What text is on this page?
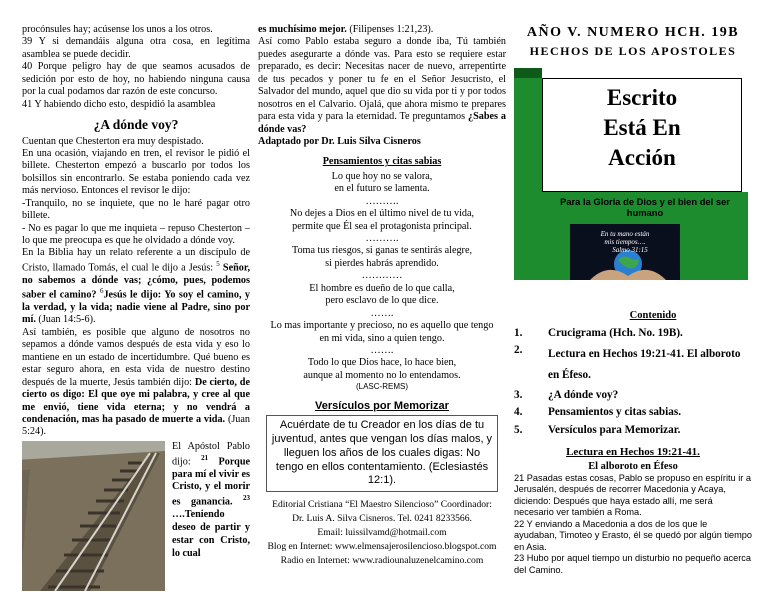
procónsules hay; acúsense los unos a los otros.

39 Y si demandáis alguna otra cosa, en legítima asamblea se puede decidir.

40 Porque peligro hay de que seamos acusados de sedición por esto de hoy, no habiendo ninguna causa por la cual podamos dar razón de este concurso.

41 Y habiendo dicho esto, despidió la asamblea

¿A dónde voy?

Cuentan que Chesterton era muy despistado.

En una ocasión, viajando en tren, el revisor le pidió el billete. Chesterton empezó a buscarlo por todos los bolsillos sin encontrarlo. Se estaba poniendo cada vez más nervioso. Entonces el revisor le dijo:

-Tranquilo, no se inquiete, que no le haré pagar otro billete.

- No es pagar lo que me inquieta – repuso Chesterton – lo que me preocupa es que he olvidado a dónde voy.

En la Biblia hay un relato referente a un discípulo de Cristo, llamado Tomás, el cual le dijo a Jesús: $^5$ Señor, no sabemos a dónde vas; ¿cómo, pues, podemos saber el camino? $^6$Jesús le dijo: Yo soy el camino, y la verdad, y la vida; nadie viene al Padre, sino por mí. (Juan 14:5-6).

Así también, es posible que alguno de nosotros no sepamos a dónde vamos después de esta vida y eso lo mantiene en un estado de incertidumbre. Qué bueno es estar seguro ahora, en esta vida de nuestro destino después de la muerte, Jesús también dijo: De cierto, de cierto os digo: El que oye mi palabra, y cree al que me envió, tiene vida eterna; y no vendrá a condenación, mas ha pasado de muerte a vida. (Juan 5:24).

El Apóstol Pablo dijo: $^{21}$ Porque para mí el vivir es Cristo, y el morir es ganancia. $^{23}$ ….Teniendo deseo de partir y estar con Cristo, lo cual

es muchísimo mejor. (Filipenses 1:21,23).

Así como Pablo estaba seguro a donde iba, Tú también puedes asegurarte a dónde vas. Para esto se requiere estar preparado, es decir: Necesitas nacer de nuevo, arrepentirte de tus pecados y poner tu fe en el Señor Jesucristo, el Salvador del mundo, aquel que dio su vida por ti y por todos nosotros en el Calvario. Ojalá, que ahora mismo te prepares para esta vida y para la eternidad. Te preguntamos ¿Sabes a dónde vas?

Adaptado por Dr. Luis Silva Cisneros

Pensamientos y citas sabias

Lo que hoy no se valora,

en el futuro se lamenta.

……….

No dejes a Dios en el último nivel de tu vida,

permite que Él sea el protagonista principal.

……….

Toma tus riesgos, si ganas te sentirás alegre,

si pierdes habrás aprendido.

…………

El hombre es dueño de lo que calla,

pero esclavo de lo que dice.

…….

Lo mas importante y precioso, no es aquello que tengo

en mi vida, sino a quien tengo.

…….

Todo lo que Dios hace, lo hace bien,

aunque al momento no lo entendamos.

(LASC-REMS)

Versículos por Memorizar

Acuérdate de tu Creador en los días de tu juventud, antes que vengan los días malos, y lleguen los años de los cuales digas: No tengo en ellos contentamiento. (Eclesiastés 12:1).
Editorial Cristiana “El Maestro Silencioso” Coordinador:
Dr. Luis A. Silva Cisneros. Tel. 0241 8233566.
Email: luissilvamd@hotmail.com
Blog en Internet: www.elmensajerosilencioso.blogspot.com
Radio en Internet: www.radiounaluzenelcamino.com
AÑO V. NUMERO HCH. 19B
HECHOS DE LOS APOSTOLES
Escrito
Está En
Acción
Para la Gloria de Dios y el bien del ser humano
En tu mano están
mis tiempos….
Salmo 31:15
Contenido
1.	Crucigrama (Hch. No. 19B).
2.	Lectura en Hechos 19:21-41. El alboroto en Éfeso.
3.	¿A dónde voy?
4.	Pensamientos y citas sabias.
5.	Versículos para Memorizar.
Lectura en Hechos 19:21-41.
El alboroto en Éfeso
21 Pasadas estas cosas, Pablo se propuso en espíritu ir a Jerusalén, después de recorrer Macedonia y Acaya, diciendo: Después que haya estado allí, me será necesario ver también a Roma.
22 Y enviando a Macedonia a dos de los que le ayudaban, Timoteo y Erasto, él se quedó por algún tiempo en Asia.
23 Hubo por aquel tiempo un disturbio no pequeño acerca del Camino.
